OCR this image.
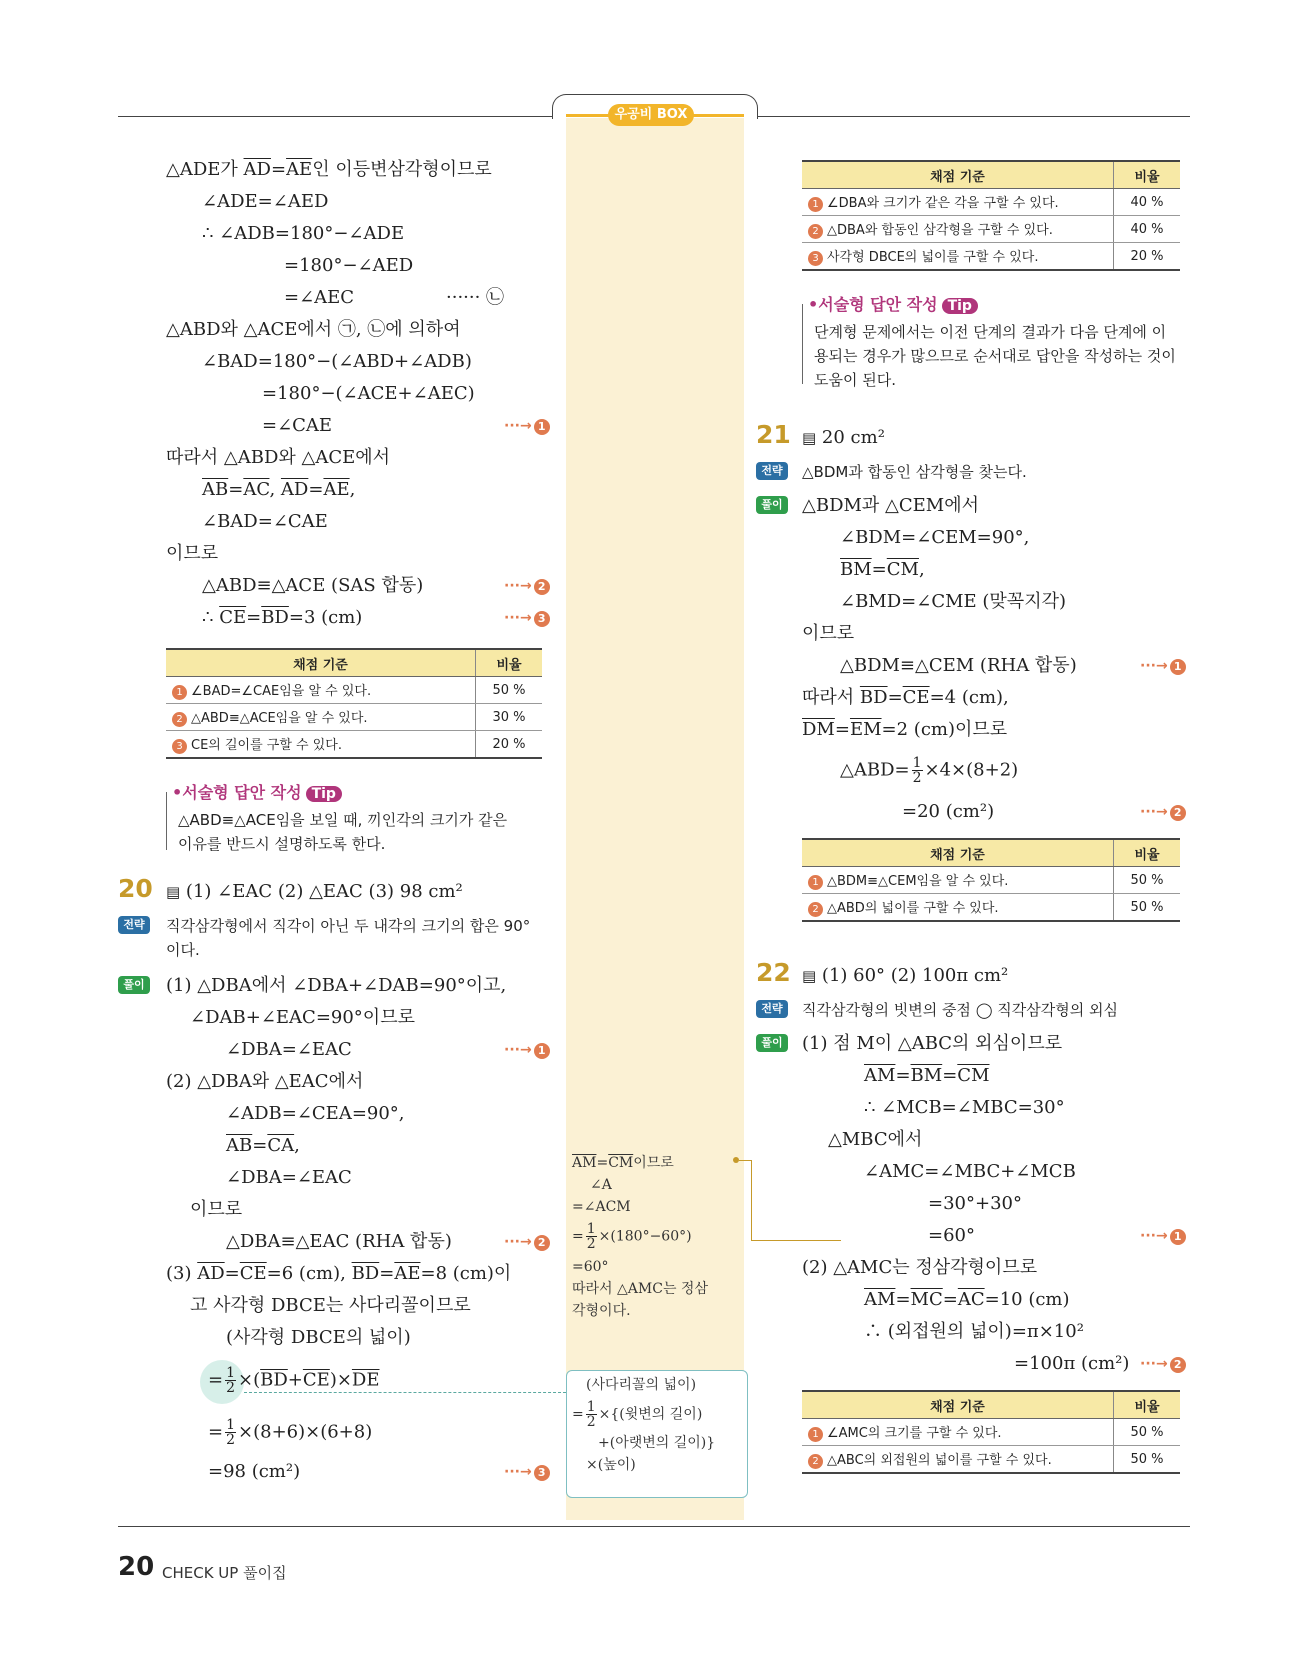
우공비 BOX
△ADE가 $\overline{AD}=\overline{AE}$인 이등변삼각형이므로
∠ADE=∠AED
∴ ∠ADB=180°−∠ADE
=180°−∠AED
=∠AEC	······ ㉡
△ABD와 △ACE에서 ㉠, ㉡에 의하여
∠BAD=180°−(∠ABD+∠ADB)
=180°−(∠ACE+∠AEC)
=∠CAE	···→ 1
따라서 △ABD와 △ACE에서
$\overline{AB}=\overline{AC}$, $\overline{AD}=\overline{AE}$,
∠BAD=∠CAE
이므로
△ABD≡△ACE (SAS 합동)	···→ 2
∴ $\overline{CE}=\overline{BD}=3$ (cm)	···→ 3
채점 기준	비율
1 ∠BAD=∠CAE임을 알 수 있다.	50 %
2 △ABD≡△ACE임을 알 수 있다.	30 %
3 CE의 길이를 구할 수 있다.	20 %
•서술형 답안 작성 Tip
△ABD≡△ACE임을 보일 때, 끼인각의 크기가 같은
이유를 반드시 설명하도록 한다.
20 ▤ (1) ∠EAC (2) △EAC (3) 98 cm²
전략	직각삼각형에서 직각이 아닌 두 내각의 크기의 합은 90°
이다.
풀이 (1) △DBA에서 ∠DBA+∠DAB=90°이고,
∠DAB+∠EAC=90°이므로
∠DBA=∠EAC	···→ 1
(2) △DBA와 △EAC에서
∠ADB=∠CEA=90°,
$\overline{AB}=\overline{CA}$,
∠DBA=∠EAC
이므로
△DBA≡△EAC (RHA 합동)	···→ 2
(3) $\overline{AD}=\overline{CE}=6$ (cm), $\overline{BD}=\overline{AE}=8$ (cm)이
고 사각형 DBCE는 사다리꼴이므로
(사각형 DBCE의 넓이)
= $\frac{1}{2} \times(\overline{BD}+\overline{CE})\times\overline{DE}$
= $\frac{1}{2} \times(8+6)\times(6+8)$
=98 (cm²)	···→ 3
$\overline{AM}=\overline{CM}$이므로
∠A
=∠ACM
= $\frac{1}{2} \times(180^\circ-60^\circ)$
=60°
따라서 △AMC는 정삼
각형이다.
(사다리꼴의 넓이)
= $\frac{1}{2}$ ×{(윗변의 길이)
+(아랫변의 길이)}
×(높이)
채점 기준	비율
1 ∠DBA와 크기가 같은 각을 구할 수 있다.	40 %
2 △DBA와 합동인 삼각형을 구할 수 있다.	40 %
3 사각형 DBCE의 넓이를 구할 수 있다.	20 %
•서술형 답안 작성 Tip
단계형 문제에서는 이전 단계의 결과가 다음 단계에 이
용되는 경우가 많으므로 순서대로 답안을 작성하는 것이
도움이 된다.
21 ▤ 20 cm²
전략	△BDM과 합동인 삼각형을 찾는다.
풀이 △BDM과 △CEM에서
∠BDM=∠CEM=90°,
$\overline{BM}=\overline{CM}$,
∠BMD=∠CME (맞꼭지각)
이므로
△BDM≡△CEM (RHA 합동)	···→ 1
따라서 $\overline{BD}=\overline{CE}=4$ (cm),
$\overline{DM}=\overline{EM}=2$ (cm)이므로
△ABD= $\frac{1}{2} \times 4\times(8+2)$
=20 (cm²)	···→ 2
채점 기준	비율
1 △BDM≡△CEM임을 알 수 있다.	50 %
2 △ABD의 넓이를 구할 수 있다.	50 %
22 ▤ (1) 60° (2) 100π cm²
전략	직각삼각형의 빗변의 중점 ◯ 직각삼각형의 외심
풀이 (1) 점 M이 △ABC의 외심이므로
$\overline{AM}=\overline{BM}=\overline{CM}$
∴ ∠MCB=∠MBC=30°
△MBC에서
∠AMC=∠MBC+∠MCB
=30°+30°
=60°	···→ 1
(2) △AMC는 정삼각형이므로
$\overline{AM}=\overline{MC}=\overline{AC}=10$ (cm)
∴ (외접원의 넓이)=π×10²
=100π (cm²) ···→ 2
채점 기준	비율
1 ∠AMC의 크기를 구할 수 있다.	50 %
2 △ABC의 외접원의 넓이를 구할 수 있다.	50 %
20 CHECK UP 풀이집
